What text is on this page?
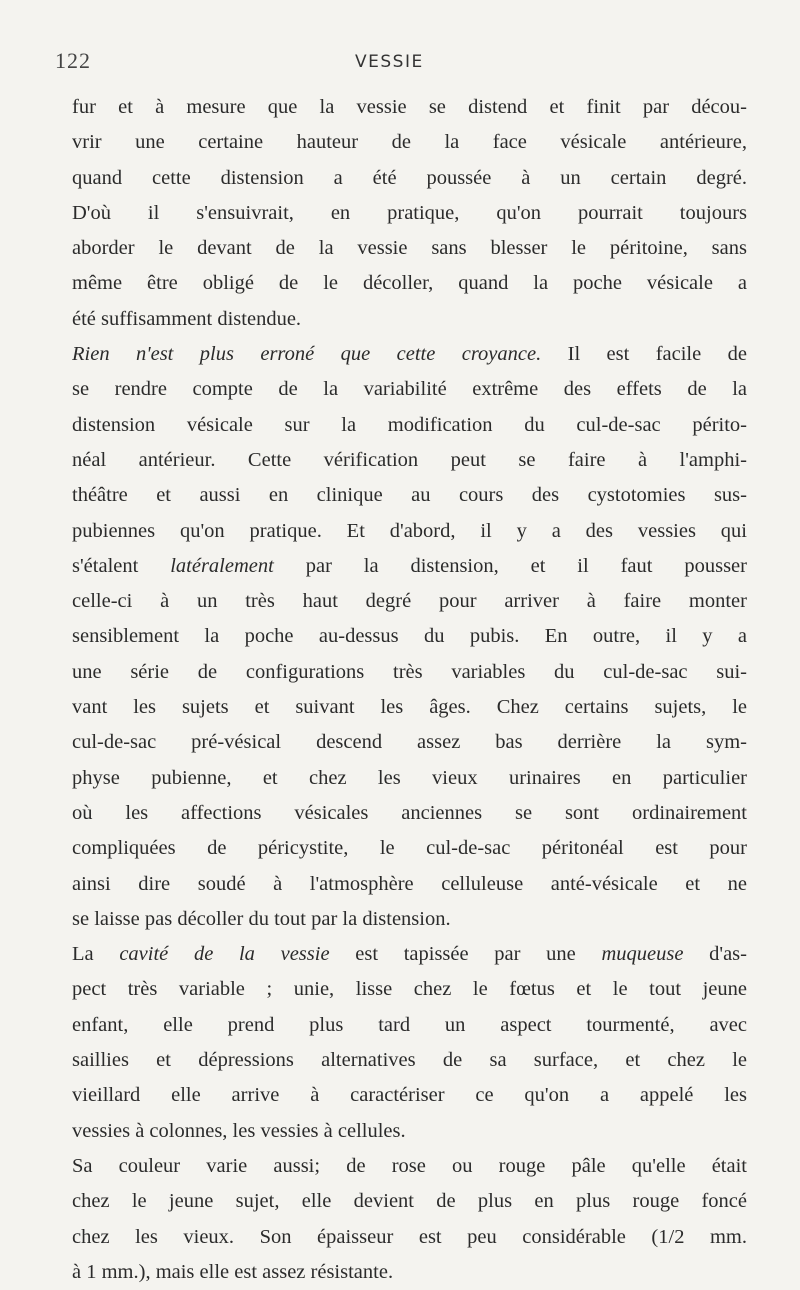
122	VESSIE
fur et à mesure que la vessie se distend et finit par décou-
vrir une certaine hauteur de la face vésicale antérieure,
quand cette distension a été poussée à un certain degré.
D'où il s'ensuivrait, en pratique, qu'on pourrait toujours
aborder le devant de la vessie sans blesser le péritoine, sans
même être obligé de le décoller, quand la poche vésicale a
été suffisamment distendue.
Rien n'est plus erroné que cette croyance. Il est facile de
se rendre compte de la variabilité extrême des effets de la
distension vésicale sur la modification du cul-de-sac périto-
néal antérieur. Cette vérification peut se faire à l'amphi-
théâtre et aussi en clinique au cours des cystotomies sus-
pubiennes qu'on pratique. Et d'abord, il y a des vessies qui
s'étalent latéralement par la distension, et il faut pousser
celle-ci à un très haut degré pour arriver à faire monter
sensiblement la poche au-dessus du pubis. En outre, il y a
une série de configurations très variables du cul-de-sac sui-
vant les sujets et suivant les âges. Chez certains sujets, le
cul-de-sac pré-vésical descend assez bas derrière la sym-
physe pubienne, et chez les vieux urinaires en particulier
où les affections vésicales anciennes se sont ordinairement
compliquées de péricystite, le cul-de-sac péritonéal est pour
ainsi dire soudé à l'atmosphère celluleuse anté-vésicale et ne
se laisse pas décoller du tout par la distension.
La cavité de la vessie est tapissée par une muqueuse d'as-
pect très variable ; unie, lisse chez le fœtus et le tout jeune
enfant, elle prend plus tard un aspect tourmenté, avec
saillies et dépressions alternatives de sa surface, et chez le
vieillard elle arrive à caractériser ce qu'on a appelé les
vessies à colonnes, les vessies à cellules.
Sa couleur varie aussi; de rose ou rouge pâle qu'elle était
chez le jeune sujet, elle devient de plus en plus rouge foncé
chez les vieux. Son épaisseur est peu considérable (1/2 mm.
à 1 mm.), mais elle est assez résistante.
